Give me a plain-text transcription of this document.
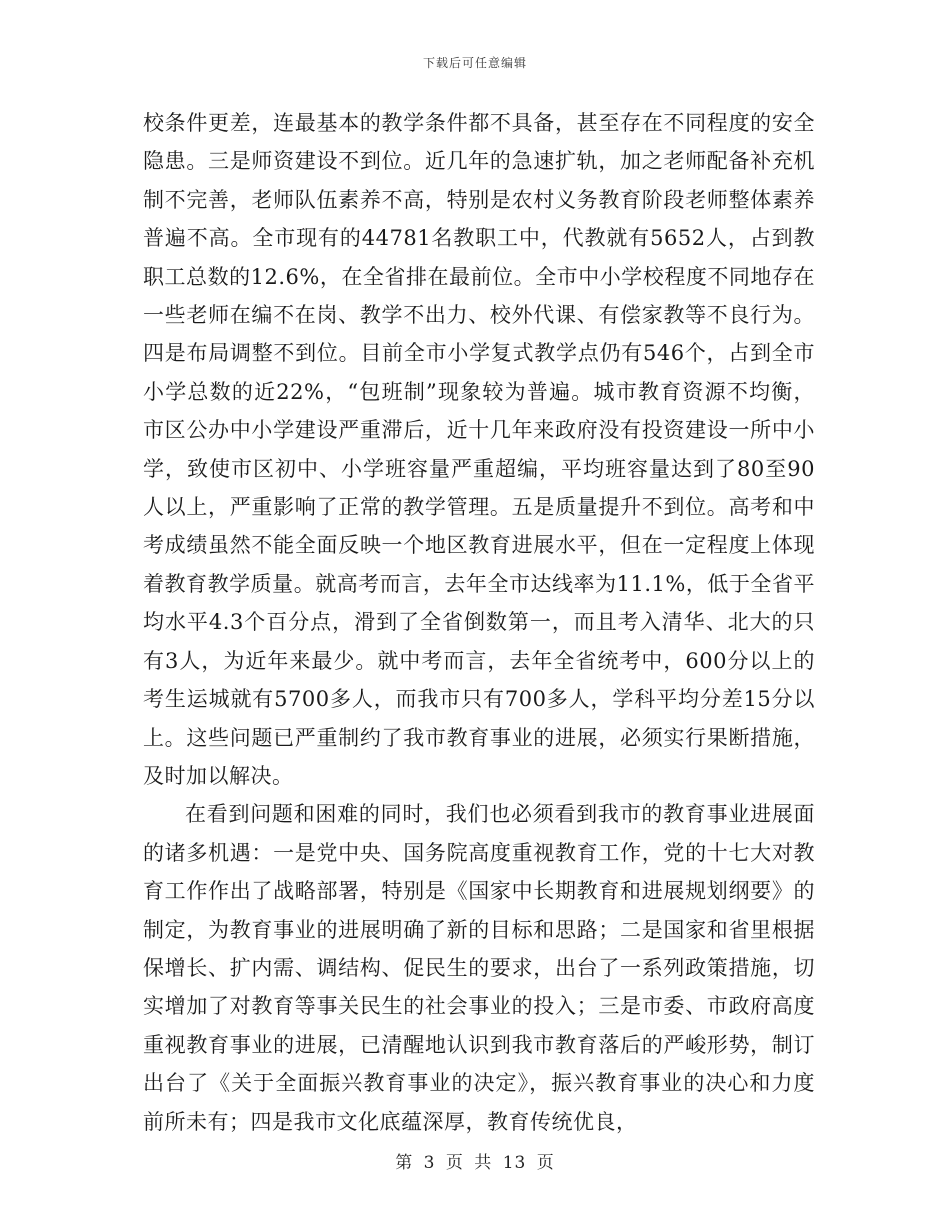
下载后可任意编辑

校条件更差，连最基本的教学条件都不具备，甚至存在不同程度的安全隐患。三是师资建设不到位。近几年的急速扩轨，加之老师配备补充机制不完善，老师队伍素养不高，特别是农村义务教育阶段老师整体素养普遍不高。全市现有的44781名教职工中，代教就有5652人，占到教职工总数的12.6%，在全省排在最前位。全市中小学校程度不同地存在一些老师在编不在岗、教学不出力、校外代课、有偿家教等不良行为。四是布局调整不到位。目前全市小学复式教学点仍有546个，占到全市小学总数的近22%，“包班制”现象较为普遍。城市教育资源不均衡，市区公办中小学建设严重滞后，近十几年来政府没有投资建设一所中小学，致使市区初中、小学班容量严重超编，平均班容量达到了80至90人以上，严重影响了正常的教学管理。五是质量提升不到位。高考和中考成绩虽然不能全面反映一个地区教育进展水平，但在一定程度上体现着教育教学质量。就高考而言，去年全市达线率为11.1%，低于全省平均水平4.3个百分点，滑到了全省倒数第一，而且考入清华、北大的只有3人，为近年来最少。就中考而言，去年全省统考中，600分以上的考生运城就有5700多人，而我市只有700多人，学科平均分差15分以上。这些问题已严重制约了我市教育事业的进展，必须实行果断措施，及时加以解决。

在看到问题和困难的同时，我们也必须看到我市的教育事业进展面 的诸多机遇：一是党中央、国务院高度重视教育工作，党的十七大对教育工作作出了战略部署，特别是《国家中长期教育和进展规划纲要》的制定，为教育事业的进展明确了新的目标和思路；二是国家和省里根据保增长、扩内需、调结构、促民生的要求，出台了一系列政策措施，切实增加了对教育等事关民生的社会事业的投入；三是市委、市政府高度重视教育事业的进展，已清醒地认识到我市教育落后的严峻形势，制订出台了《关于全面振兴教育事业的决定》，振兴教育事业的决心和力度前所未有；四是我市文化底蕴深厚，教育传统优良，

第 3 页 共 13 页
